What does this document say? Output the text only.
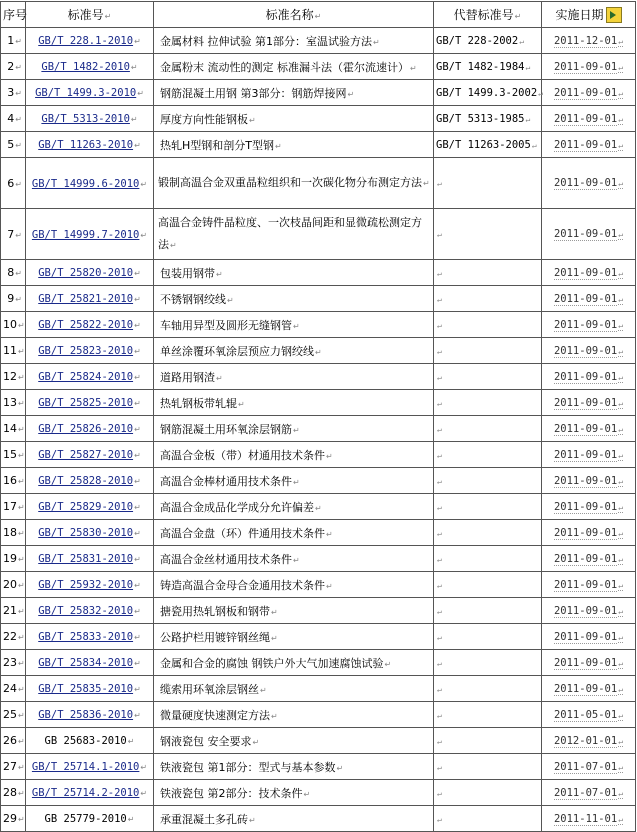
序号	标准号↵	标准名称↵	代替标准号↵	实施日期
1↵	GB/T 228.1-2010↵	金属材料 拉伸试验 第1部分：室温试验方法↵	GB/T 228-2002↵	2011-12-01↵
2↵	GB/T 1482-2010↵	金属粉末 流动性的测定 标准漏斗法（霍尔流速计）↵	GB/T 1482-1984↵	2011-09-01↵
3↵	GB/T 1499.3-2010↵	钢筋混凝土用钢 第3部分：钢筋焊接网↵	GB/T 1499.3-2002↵	2011-09-01↵
4↵	GB/T 5313-2010↵	厚度方向性能钢板↵	GB/T 5313-1985↵	2011-09-01↵
5↵	GB/T 11263-2010↵	热轧H型钢和剖分T型钢↵	GB/T 11263-2005↵	2011-09-01↵
6↵	GB/T 14999.6-2010↵	锻制高温合金双重晶粒组织和一次碳化物分布测定方法↵	↵	2011-09-01↵
7↵	GB/T 14999.7-2010↵	高温合金铸件晶粒度、一次枝晶间距和显微疏松测定方法↵	↵	2011-09-01↵
8↵	GB/T 25820-2010↵	包装用钢带↵	↵	2011-09-01↵
9↵	GB/T 25821-2010↵	不锈钢钢绞线↵	↵	2011-09-01↵
10↵	GB/T 25822-2010↵	车轴用异型及圆形无缝钢管↵	↵	2011-09-01↵
11↵	GB/T 25823-2010↵	单丝涂覆环氧涂层预应力钢绞线↵	↵	2011-09-01↵
12↵	GB/T 25824-2010↵	道路用钢渣↵	↵	2011-09-01↵
13↵	GB/T 25825-2010↵	热轧钢板带轧辊↵	↵	2011-09-01↵
14↵	GB/T 25826-2010↵	钢筋混凝土用环氧涂层钢筋↵	↵	2011-09-01↵
15↵	GB/T 25827-2010↵	高温合金板（带）材通用技术条件↵	↵	2011-09-01↵
16↵	GB/T 25828-2010↵	高温合金棒材通用技术条件↵	↵	2011-09-01↵
17↵	GB/T 25829-2010↵	高温合金成品化学成分允许偏差↵	↵	2011-09-01↵
18↵	GB/T 25830-2010↵	高温合金盘（环）件通用技术条件↵	↵	2011-09-01↵
19↵	GB/T 25831-2010↵	高温合金丝材通用技术条件↵	↵	2011-09-01↵
20↵	GB/T 25932-2010↵	铸造高温合金母合金通用技术条件↵	↵	2011-09-01↵
21↵	GB/T 25832-2010↵	搪瓷用热轧钢板和钢带↵	↵	2011-09-01↵
22↵	GB/T 25833-2010↵	公路护栏用镀锌钢丝绳↵	↵	2011-09-01↵
23↵	GB/T 25834-2010↵	金属和合金的腐蚀 钢铁户外大气加速腐蚀试验↵	↵	2011-09-01↵
24↵	GB/T 25835-2010↵	缆索用环氧涂层钢丝↵	↵	2011-09-01↵
25↵	GB/T 25836-2010↵	微量硬度快速测定方法↵	↵	2011-05-01↵
26↵	GB 25683-2010↵	钢液瓷包 安全要求↵	↵	2012-01-01↵
27↵	GB/T 25714.1-2010↵	铁液瓷包 第1部分：型式与基本参数↵	↵	2011-07-01↵
28↵	GB/T 25714.2-2010↵	铁液瓷包 第2部分：技术条件↵	↵	2011-07-01↵
29↵	GB 25779-2010↵	承重混凝土多孔砖↵	↵	2011-11-01↵
